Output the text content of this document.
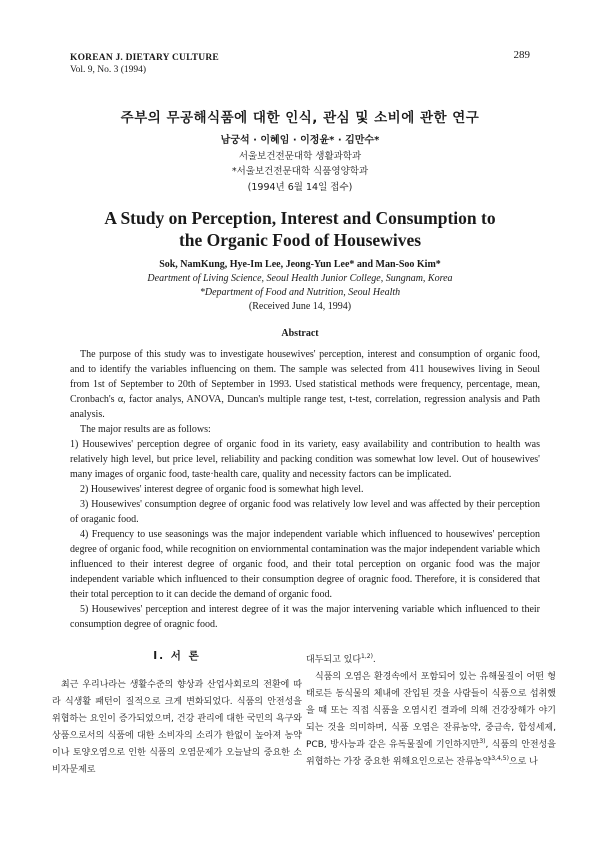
KOREAN J. DIETARY CULTURE
Vol. 9, No. 3 (1994)
289
주부의 무공해식품에 대한 인식, 관심 및 소비에 관한 연구
남궁석 · 이혜임 · 이정윤* · 김만수*
서울보건전문대학 생활과학과
*서울보건전문대학 식품영양학과
(1994년 6월 14일 접수)
A Study on Perception, Interest and Consumption to
the Organic Food of Housewives
Sok, NamKung, Hye-Im Lee, Jeong-Yun Lee* and Man-Soo Kim*
Deartment of Living Science, Seoul Health Junior College, Sungnam, Korea
*Department of Food and Nutrition, Seoul Health
(Received June 14, 1994)
Abstract

The purpose of this study was to investigate housewives' perception, interest and consumption of organic food, and to identify the variables influencing on them. The sample was selected from 411 housewives living in Seoul from 1st of September to 20th of September in 1993. Used statistical methods were frequency, percentage, mean, Cronbach's α, factor analys, ANOVA, Duncan's multiple range test, t-test, correlation, regression analysis and Path analysis.

The major results are as follows:

1) Housewives' perception degree of organic food in its variety, easy availability and contribution to health was relatively high level, but price level, reliability and packing condition was somewhat low level. Out of housewives' many images of organic food, taste·health care, quality and necessity factors can be implicated.

2) Housewives' interest degree of organic food is somewhat high level.

3) Housewives' consumption degree of organic food was relatively low level and was affected by their perception of oraganic food.

4) Frequency to use seasonings was the major independent variable which influenced to housewives' perception degree of organic food, while recognition on enviornmental contamination was the major independent variable which influenced to their interest degree of organic food, and their total perception on organic food was the major independent variable which influenced to their consumption degree of oragnic food. Therefore, it is considered that their total perception to it can decide the demand of organic food.

5) Housewives' perception and interest degree of it was the major intervening variable which influenced to their consumption degree of oragnic food.

I. 서 론

최근 우리나라는 생활수준의 향상과 산업사회로의 전환에 따라 식생활 패턴이 질적으로 크게 변화되었다. 식품의 안전성을 위협하는 요인이 증가되었으며, 건강 관리에 대한 국민의 욕구와 상품으로서의 식품에 대한 소비자의 소리가 한없이 높아져 농약이나 토양오염으로 인한 식품의 오염문제가 오늘날의 중요한 소비자문제로

대두되고 있다$^{1,2)}$.

식품의 오염은 환경속에서 포함되어 있는 유해물질이 어떤 형태로든 동식물의 체내에 잔입된 것을 사람들이 식품으로 섭취했을 때 또는 직접 식품을 오염시킨 결과에 의해 건강장해가 야기되는 것을 의미하며, 식품 오염은 잔류농약, 중금속, 합성세제, PCB, 방사능과 같은 유독물질에 기인하지만$^{3)}$, 식품의 안전성을 위협하는 가장 중요한 위해요인으로는 잔류농약$^{3,4,5)}$으로 나
